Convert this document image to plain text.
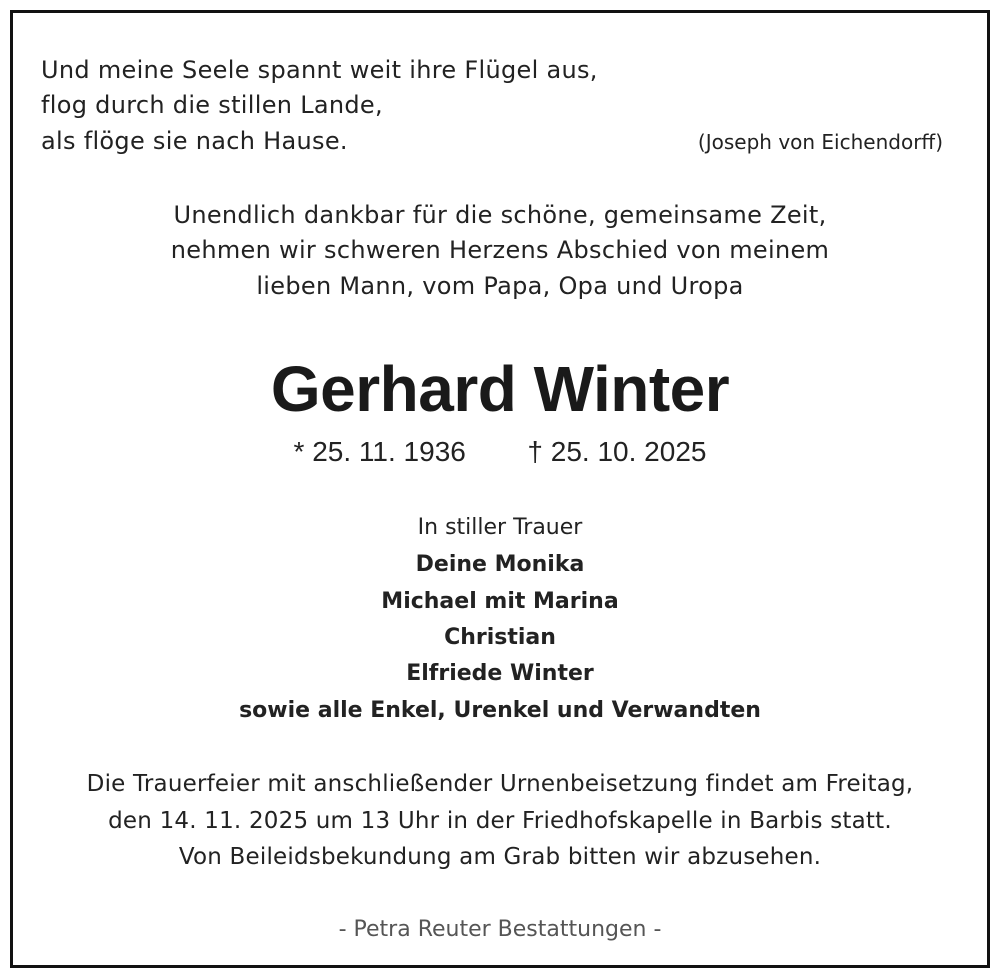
Und meine Seele spannt weit ihre Flügel aus,
flog durch die stillen Lande,
als flöge sie nach Hause.	(Joseph von Eichendorff)
Unendlich dankbar für die schöne, gemeinsame Zeit,
nehmen wir schweren Herzens Abschied von meinem
lieben Mann, vom Papa, Opa und Uropa
Gerhard Winter
* 25. 11. 1936 † 25. 10. 2025
In stiller Trauer
Deine Monika
Michael mit Marina
Christian
Elfriede Winter
sowie alle Enkel, Urenkel und Verwandten
Die Trauerfeier mit anschließender Urnenbeisetzung findet am Freitag,
den 14. 11. 2025 um 13 Uhr in der Friedhofskapelle in Barbis statt.
Von Beileidsbekundung am Grab bitten wir abzusehen.
- Petra Reuter Bestattungen -
